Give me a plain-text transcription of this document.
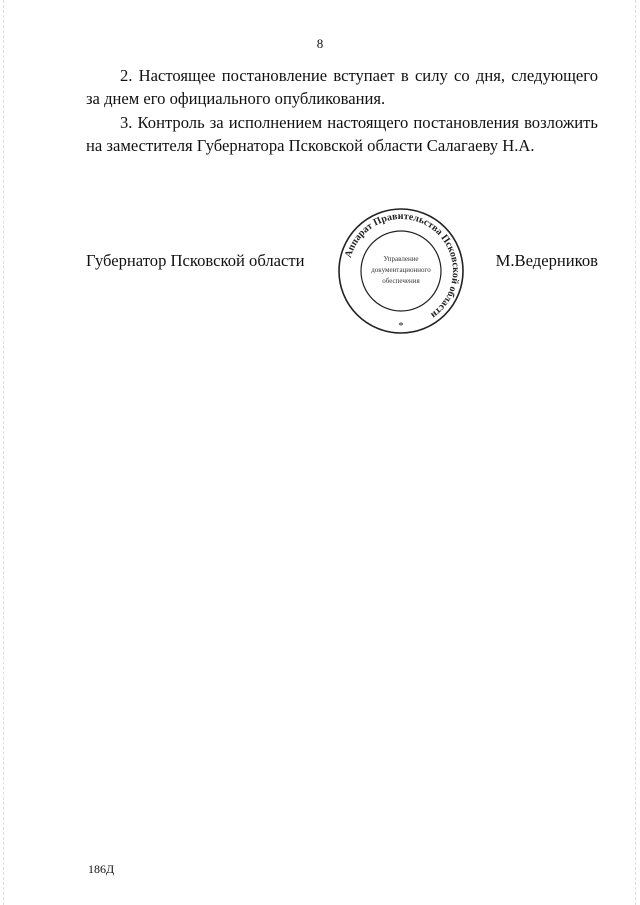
8
2. Настоящее постановление вступает в силу со дня, следующего
за днем его официального опубликования.
3. Контроль за исполнением настоящего постановления возложить
на заместителя Губернатора Псковской области Салагаеву Н.А.
Губернатор Псковской области	М.Ведерников
Аппарат Правительства Псковской области
Управление
документационного
обеспечения
*
186Д
